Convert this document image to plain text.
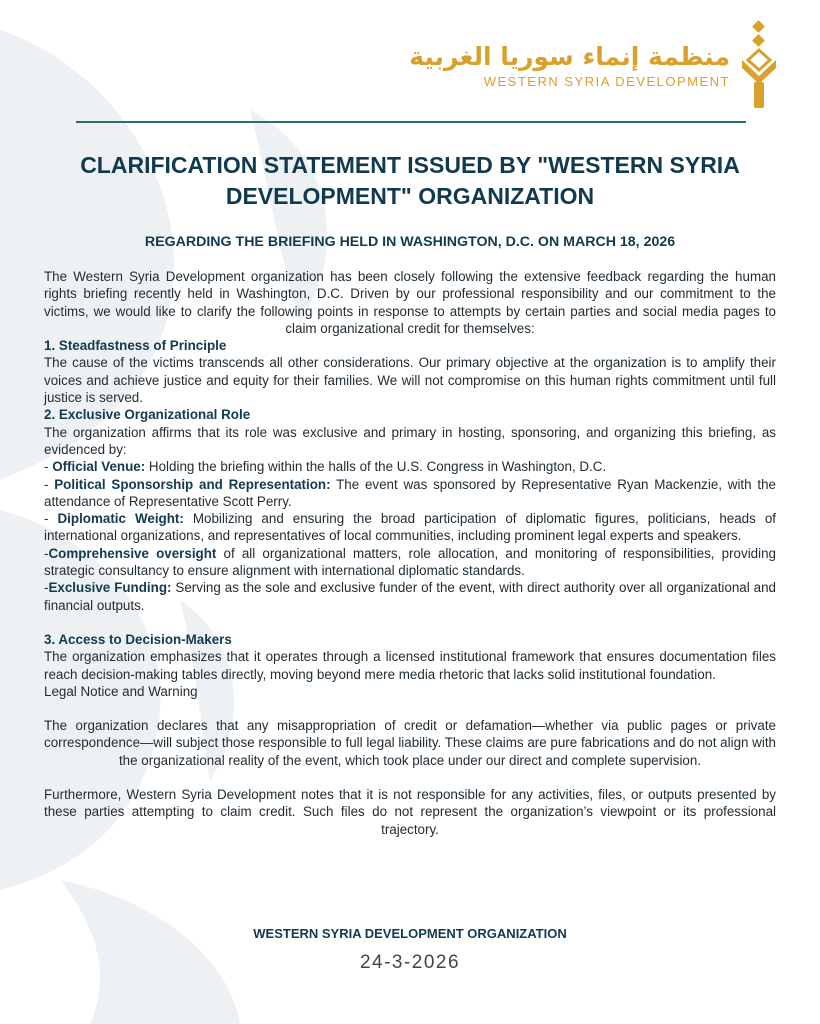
منظمة إنماء سوريا الغربية
WESTERN SYRIA DEVELOPMENT
CLARIFICATION STATEMENT ISSUED BY "WESTERN SYRIA DEVELOPMENT" ORGANIZATION
REGARDING THE BRIEFING HELD IN WASHINGTON, D.C. ON MARCH 18, 2026

The Western Syria Development organization has been closely following the extensive feedback regarding the human rights briefing recently held in Washington, D.C. Driven by our professional responsibility and our commitment to the victims, we would like to clarify the following points in response to attempts by certain parties and social media pages to claim organizational credit for themselves:

1. Steadfastness of Principle

The cause of the victims transcends all other considerations. Our primary objective at the organization is to amplify their voices and achieve justice and equity for their families. We will not compromise on this human rights commitment until full justice is served.

2. Exclusive Organizational Role

The organization affirms that its role was exclusive and primary in hosting, sponsoring, and organizing this briefing, as evidenced by:

- Official Venue: Holding the briefing within the halls of the U.S. Congress in Washington, D.C.

- Political Sponsorship and Representation: The event was sponsored by Representative Ryan Mackenzie, with the attendance of Representative Scott Perry.

- Diplomatic Weight: Mobilizing and ensuring the broad participation of diplomatic figures, politicians, heads of international organizations, and representatives of local communities, including prominent legal experts and speakers.

-Comprehensive oversight of all organizational matters, role allocation, and monitoring of responsibilities, providing strategic consultancy to ensure alignment with international diplomatic standards.

-Exclusive Funding: Serving as the sole and exclusive funder of the event, with direct authority over all organizational and financial outputs.

3. Access to Decision-Makers

The organization emphasizes that it operates through a licensed institutional framework that ensures documentation files reach decision-making tables directly, moving beyond mere media rhetoric that lacks solid institutional foundation.

Legal Notice and Warning

The organization declares that any misappropriation of credit or defamation—whether via public pages or private correspondence—will subject those responsible to full legal liability. These claims are pure fabrications and do not align with the organizational reality of the event, which took place under our direct and complete supervision.

Furthermore, Western Syria Development notes that it is not responsible for any activities, files, or outputs presented by these parties attempting to claim credit. Such files do not represent the organization’s viewpoint or its professional trajectory.

WESTERN SYRIA DEVELOPMENT ORGANIZATION

24-3-2026
